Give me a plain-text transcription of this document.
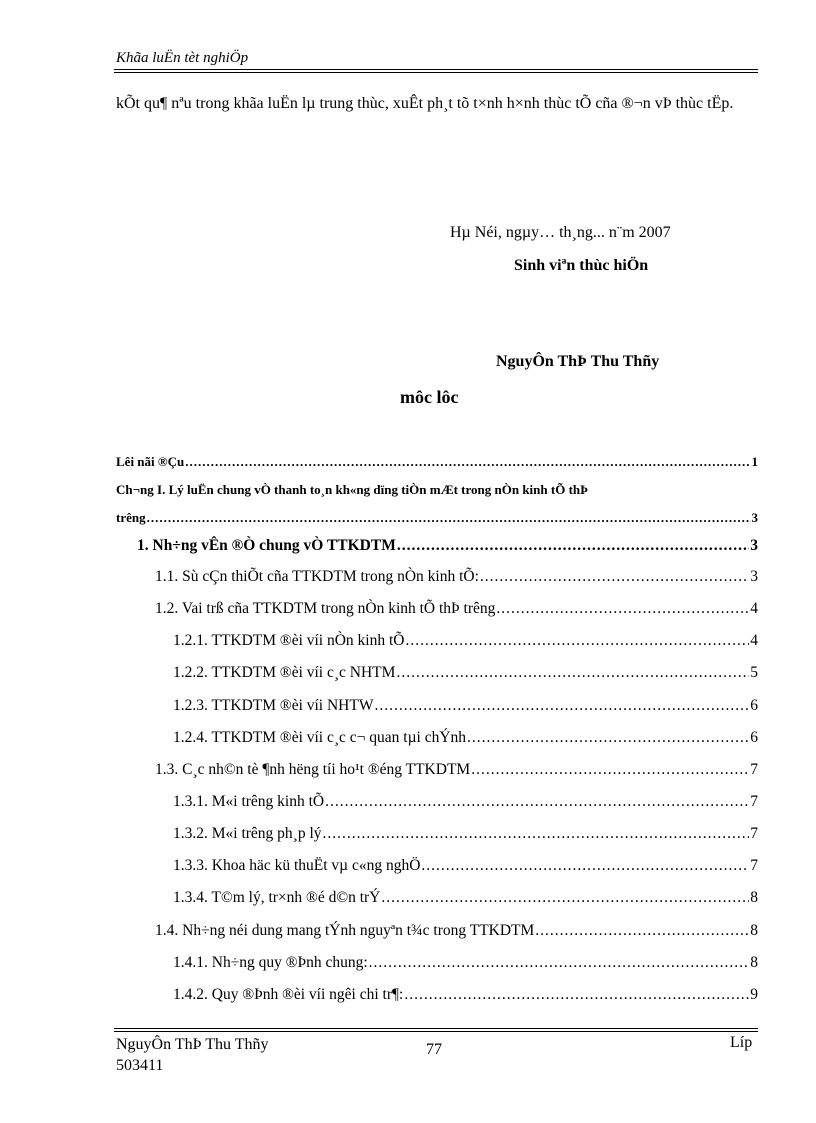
Khãa luËn tèt nghiÖp
kÕt qu¶ nªu trong khãa luËn lµ trung thùc, xuÊt ph¸t tõ t×nh h×nh thùc tÕ cña ®¬n vÞ thùc tËp.
Hµ Néi, ngµy… th¸ng... n¨m 2007
Sinh viªn thùc hiÖn
NguyÔn ThÞ Thu Thñy
môc lôc
Lêi nãi ®Çu .....	1
Ch¬ng I. Lý luËn chung vÒ thanh to¸n kh«ng dïng tiÒn mÆt trong nÒn kinh tÕ thÞ
trêng .....	3
1. Nh÷ng vÊn ®Ò chung vÒ TTKDTM .....	3
1.1. Sù cÇn thiÕt cña TTKDTM trong nÒn kinh tÕ: .....	3
1.2. Vai trß cña TTKDTM trong nÒn kinh tÕ thÞ trêng .....	4
1.2.1. TTKDTM ®èi víi nÒn kinh tÕ .....	4
1.2.2. TTKDTM ®èi víi c¸c NHTM .....	5
1.2.3. TTKDTM ®èi víi NHTW .....	6
1.2.4. TTKDTM ®èi víi c¸c c¬ quan tµi chÝnh .....	6
1.3. C¸c nh©n tè ¶nh hëng tíi ho¹t ®éng TTKDTM .....	7
1.3.1. M«i trêng kinh tÕ .....	7
1.3.2. M«i trêng ph¸p lý .....	7
1.3.3. Khoa häc kü thuËt vµ c«ng nghÖ .....	7
1.3.4. T©m lý, tr×nh ®é d©n trÝ .....	8
1.4. Nh÷ng néi dung mang tÝnh nguyªn t¾c trong TTKDTM .....	8
1.4.1. Nh÷ng quy ®Þnh chung: .....	8
1.4.2. Quy ®Þnh ®èi víi ngêi chi tr¶: .....	9
NguyÔn ThÞ Thu Thñy
503411
77	Líp
